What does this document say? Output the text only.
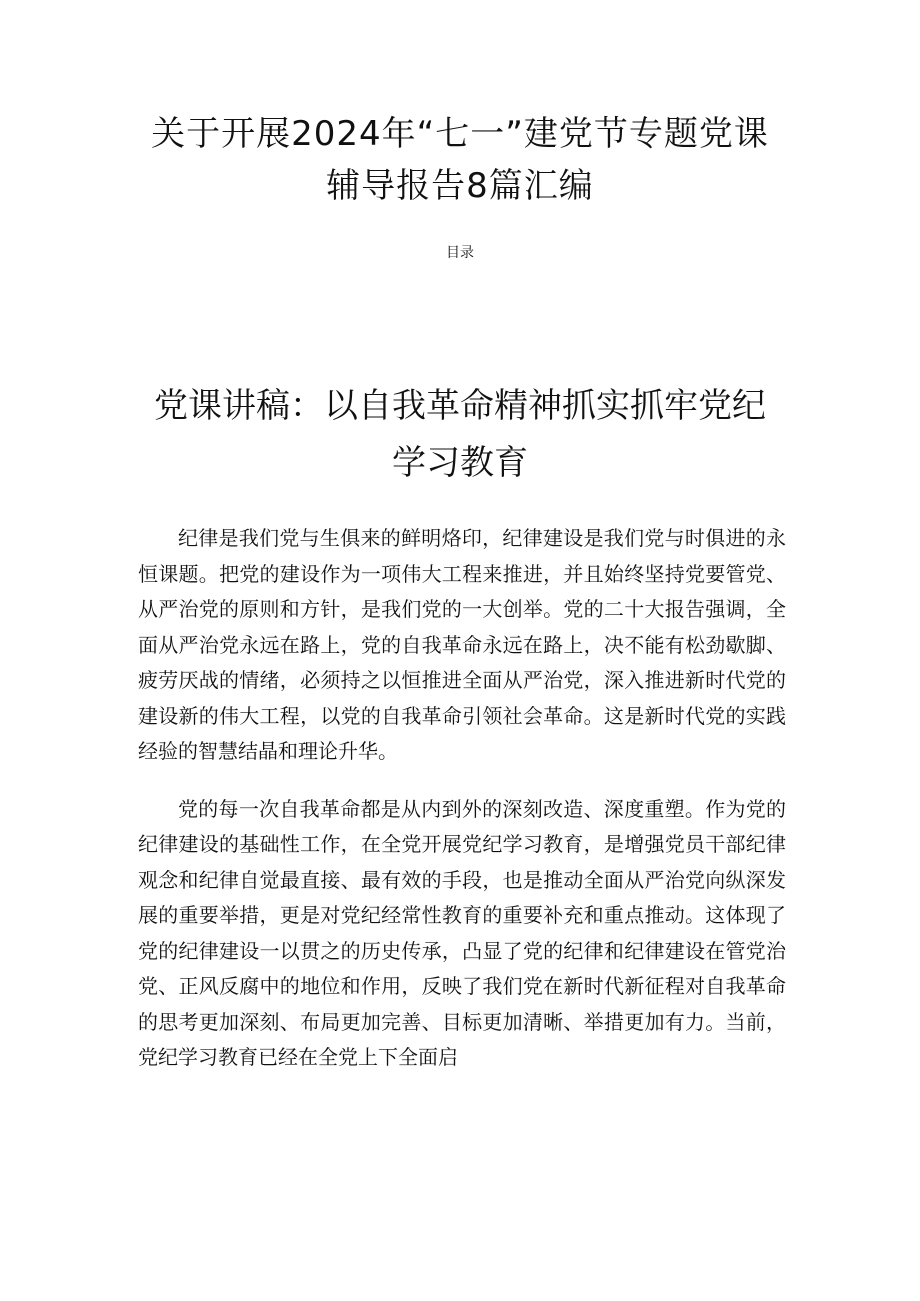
关于开展2024年“七一”建党节专题党课
辅导报告8篇汇编
目录
党课讲稿：以自我革命精神抓实抓牢党纪
学习教育

纪律是我们党与生俱来的鲜明烙印，纪律建设是我们党与时俱进的永恒课题。把党的建设作为一项伟大工程来推进，并且始终坚持党要管党、从严治党的原则和方针，是我们党的一大创举。党的二十大报告强调，全面从严治党永远在路上，党的自我革命永远在路上，决不能有松劲歇脚、疲劳厌战的情绪，必须持之以恒推进全面从严治党，深入推进新时代党的建设新的伟大工程，以党的自我革命引领社会革命。这是新时代党的实践经验的智慧结晶和理论升华。

党的每一次自我革命都是从内到外的深刻改造、深度重塑。作为党的纪律建设的基础性工作，在全党开展党纪学习教育，是增强党员干部纪律观念和纪律自觉最直接、最有效的手段，也是推动全面从严治党向纵深发展的重要举措，更是对党纪经常性教育的重要补充和重点推动。这体现了党的纪律建设一以贯之的历史传承，凸显了党的纪律和纪律建设在管党治党、正风反腐中的地位和作用，反映了我们党在新时代新征程对自我革命的思考更加深刻、布局更加完善、目标更加清晰、举措更加有力。当前，党纪学习教育已经在全党上下全面启
